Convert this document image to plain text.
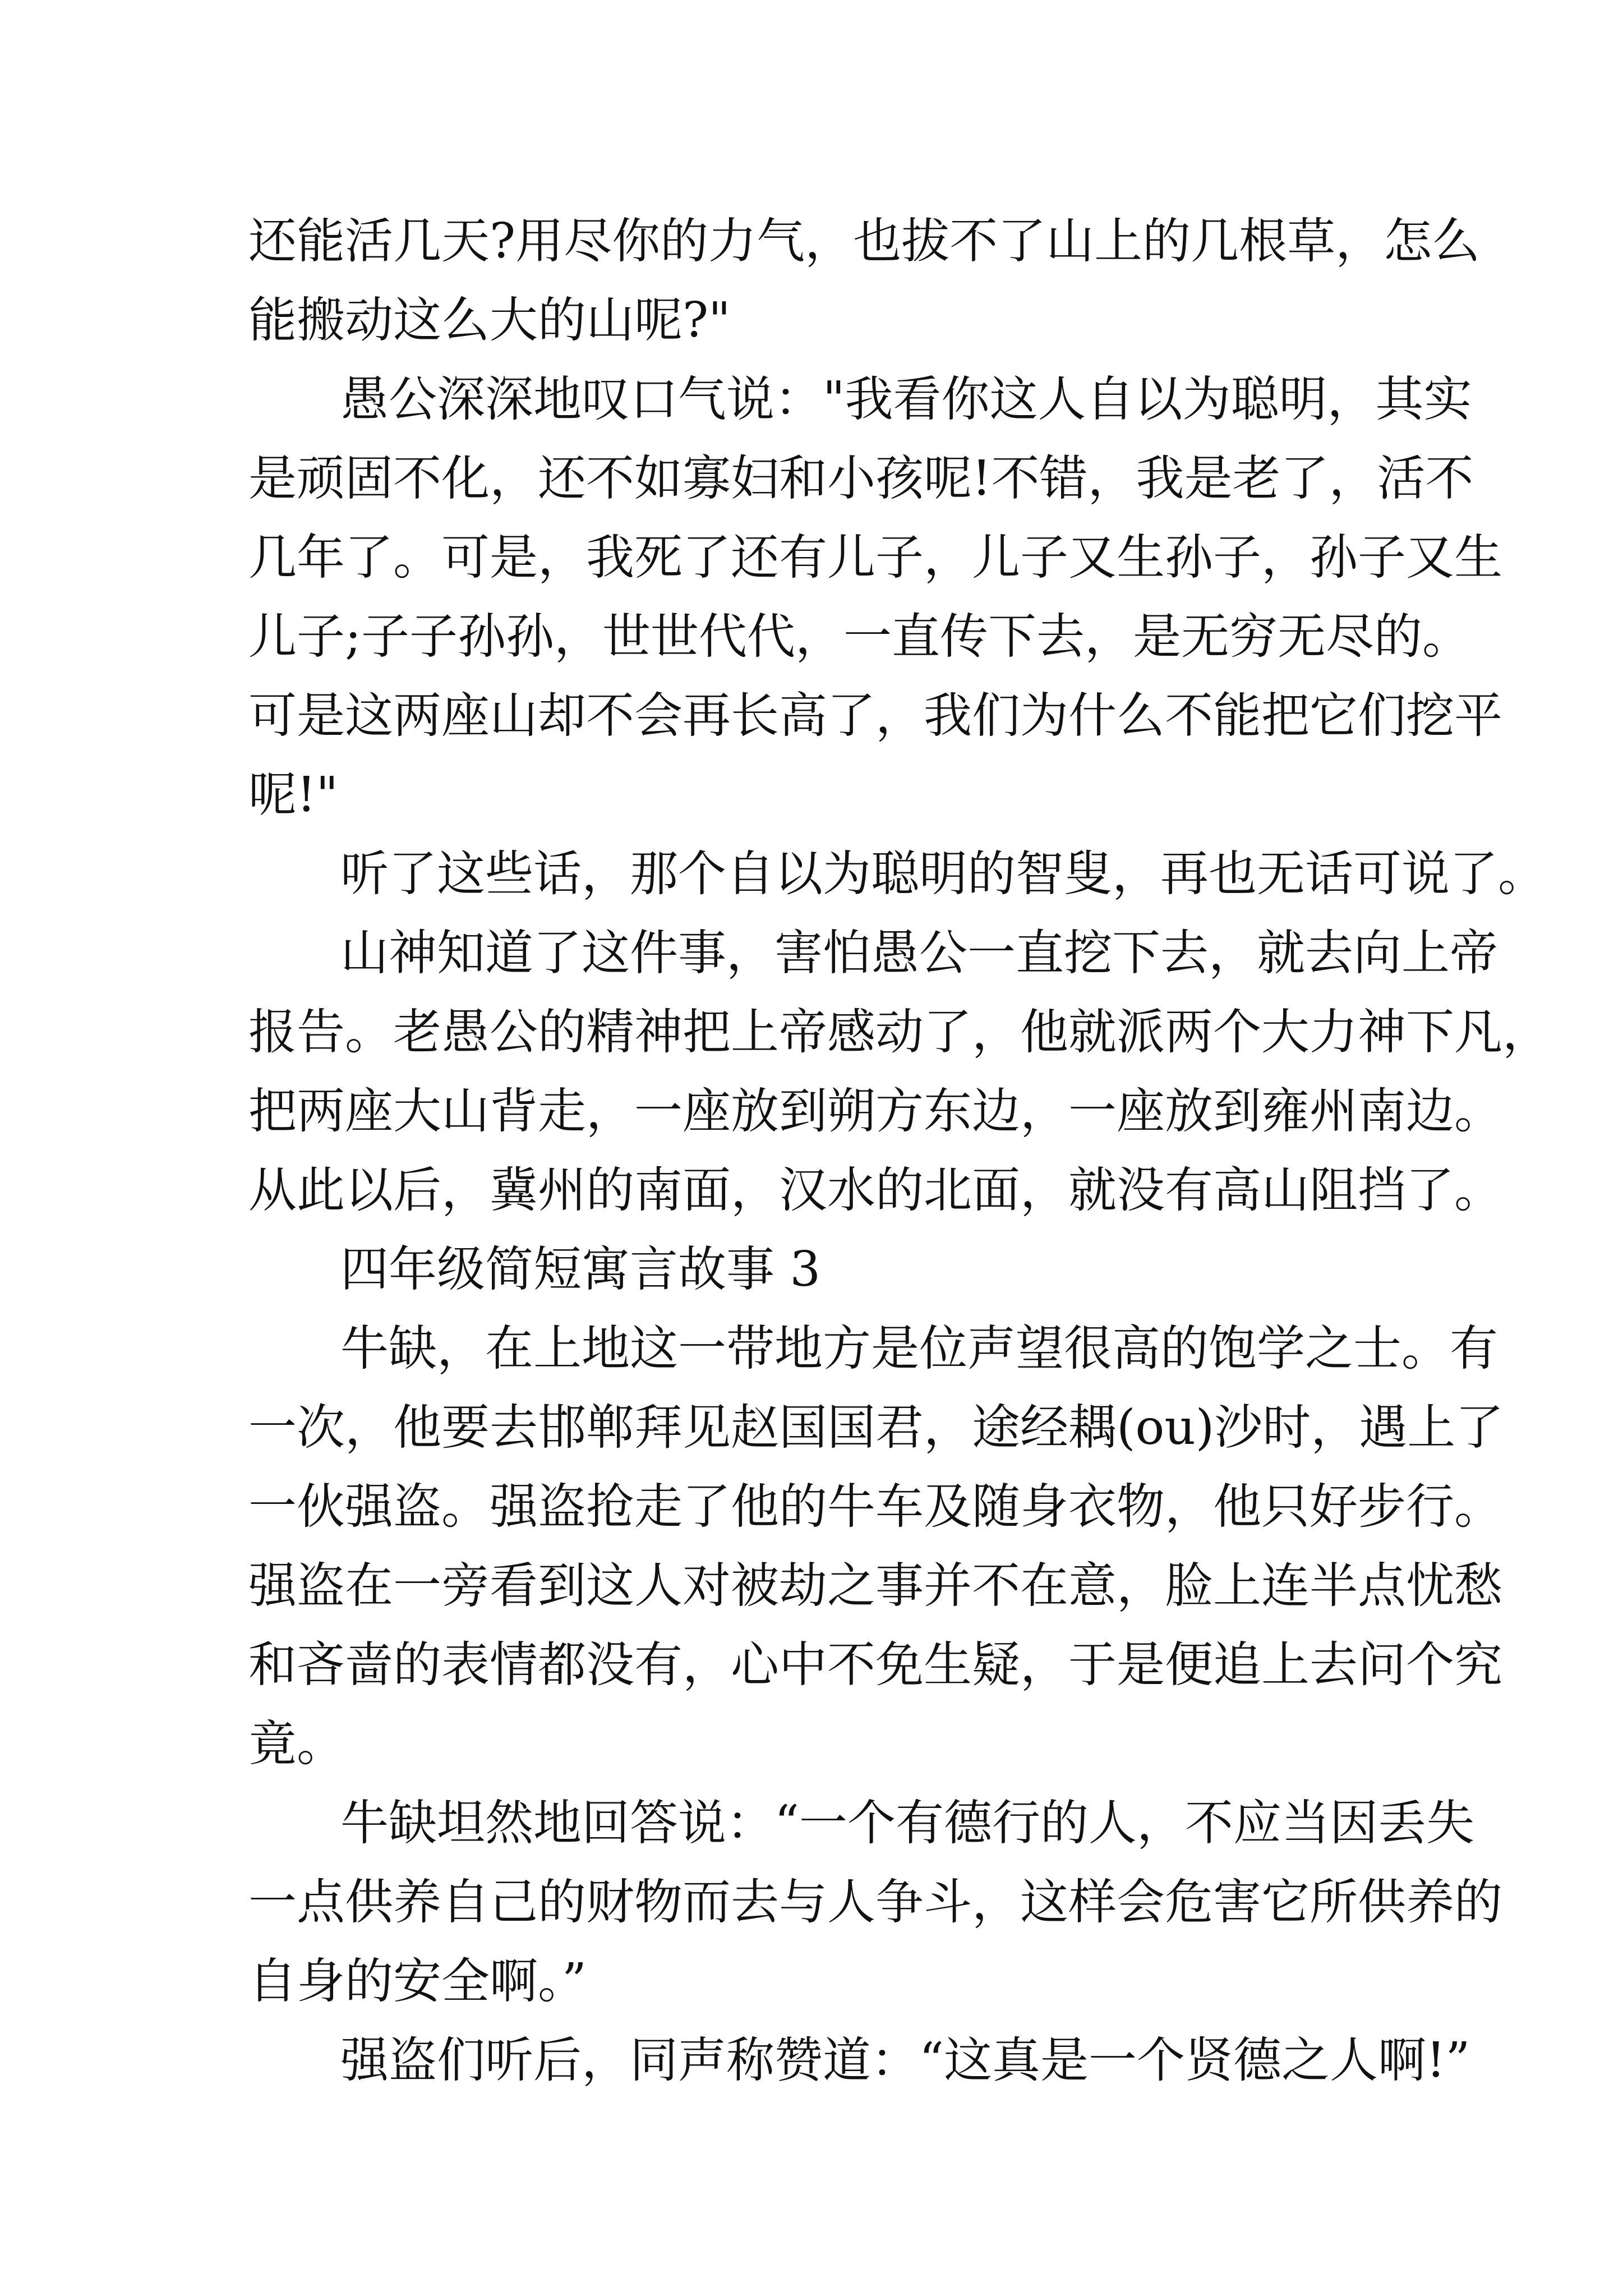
还能活几天?用尽你的力气，也拔不了山上的几根草，怎么
能搬动这么大的山呢?"
愚公深深地叹口气说："我看你这人自以为聪明，其实
是顽固不化，还不如寡妇和小孩呢!不错，我是老了，活不
几年了。可是，我死了还有儿子，儿子又生孙子，孙子又生
儿子;子子孙孙，世世代代，一直传下去，是无穷无尽的。
可是这两座山却不会再长高了，我们为什么不能把它们挖平
呢!"
听了这些话，那个自以为聪明的智叟，再也无话可说了。
山神知道了这件事，害怕愚公一直挖下去，就去向上帝
报告。老愚公的精神把上帝感动了，他就派两个大力神下凡，
把两座大山背走，一座放到朔方东边，一座放到雍州南边。
从此以后，冀州的南面，汉水的北面，就没有高山阻挡了。
四年级简短寓言故事 3
牛缺，在上地这一带地方是位声望很高的饱学之士。有
一次，他要去邯郸拜见赵国国君，途经耦(ou)沙时，遇上了
一伙强盗。强盗抢走了他的牛车及随身衣物，他只好步行。
强盗在一旁看到这人对被劫之事并不在意，脸上连半点忧愁
和吝啬的表情都没有，心中不免生疑，于是便追上去问个究
竟。
牛缺坦然地回答说：“一个有德行的人，不应当因丢失
一点供养自己的财物而去与人争斗，这样会危害它所供养的
自身的安全啊。”
强盗们听后，同声称赞道：“这真是一个贤德之人啊!”
